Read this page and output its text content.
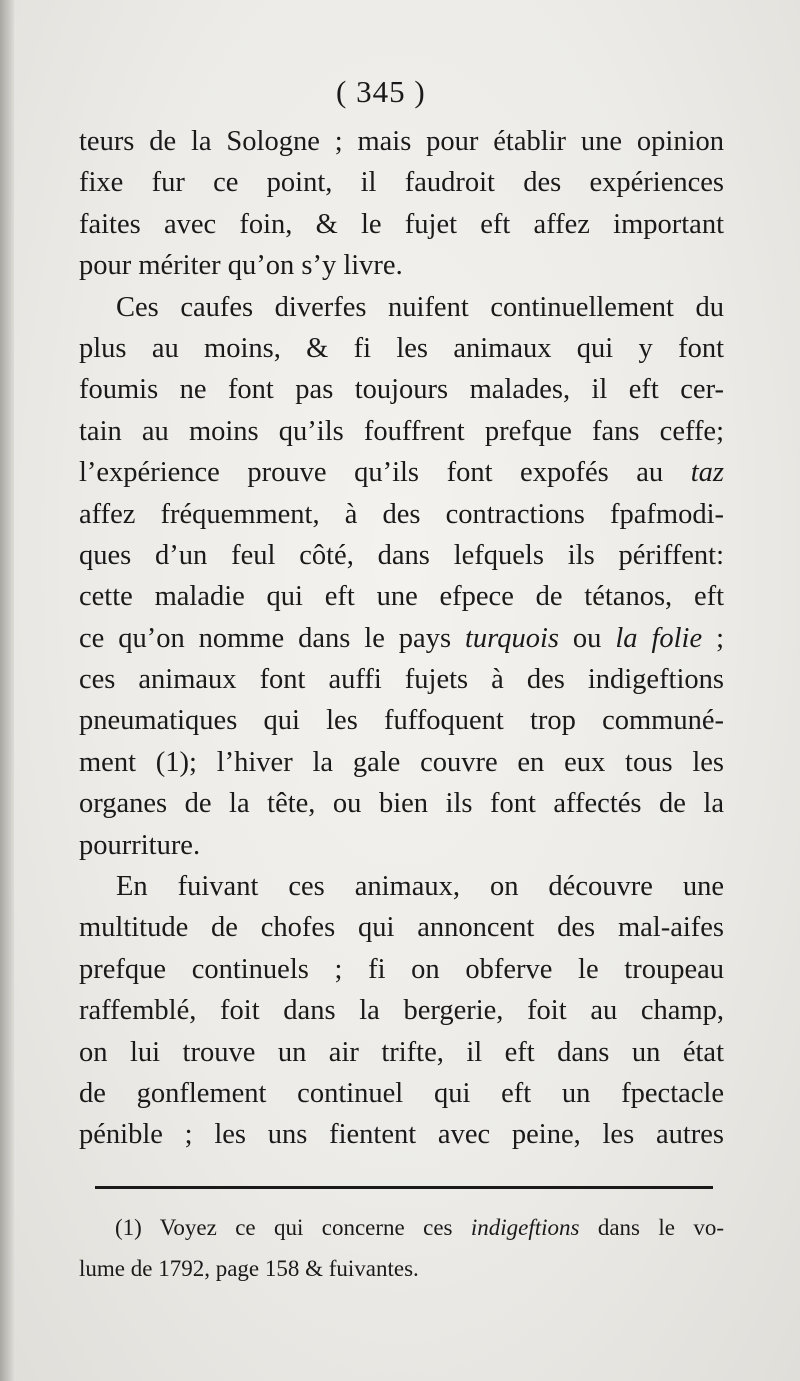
( 345 )
teurs de la Sologne ; mais pour établir une opinion
fixe fur ce point, il faudroit des expériences
faites avec foin, & le fujet eft affez important
pour mériter qu’on s’y livre.
Ces caufes diverfes nuifent continuellement du
plus au moins, & fi les animaux qui y font
foumis ne font pas toujours malades, il eft cer-
tain au moins qu’ils fouffrent prefque fans ceffe;
l’expérience prouve qu’ils font expofés au taz
affez fréquemment, à des contractions fpafmodi-
ques d’un feul côté, dans lefquels ils périffent:
cette maladie qui eft une efpece de tétanos, eft
ce qu’on nomme dans le pays turquois ou la folie ;
ces animaux font auffi fujets à des indigeftions
pneumatiques qui les fuffoquent trop communé-
ment (1); l’hiver la gale couvre en eux tous les
organes de la tête, ou bien ils font affectés de la
pourriture.
En fuivant ces animaux, on découvre une
multitude de chofes qui annoncent des mal-aifes
prefque continuels ; fi on obferve le troupeau
raffemblé, foit dans la bergerie, foit au champ,
on lui trouve un air trifte, il eft dans un état
de gonflement continuel qui eft un fpectacle
pénible ; les uns fientent avec peine, les autres
(1) Voyez ce qui concerne ces indigeftions dans le vo-
lume de 1792, page 158 & fuivantes.
